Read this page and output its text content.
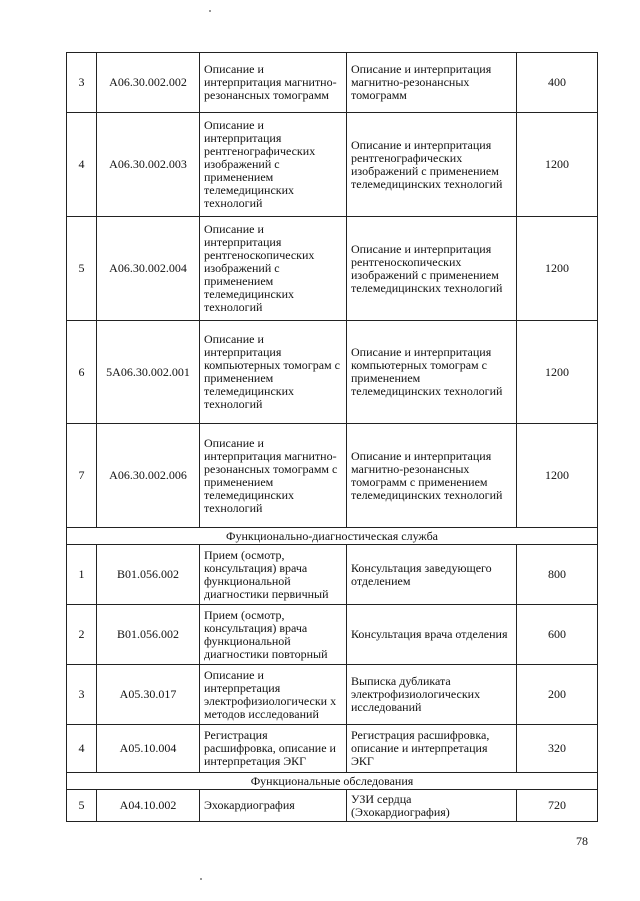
3	A06.30.002.002	Описание и интерпритация магнитно-резонансных томограмм	Описание и интерпритация магнитно-резонансных томограмм	400
4	A06.30.002.003	Описание и интерпритация рентгенографических изображений с применением телемедицинских технологий	Описание и интерпритация рентгенографических изображений с применением телемедицинских технологий	1200
5	A06.30.002.004	Описание и интерпритация рентгеноскопических изображений с применением телемедицинских технологий	Описание и интерпритация рентгеноскопических изображений с применением телемедицинских технологий	1200
6	5A06.30.002.001	Описание и интерпритация компьютерных томограм с применением телемедицинских технологий	Описание и интерпритация компьютерных томограм с применением телемедицинских технологий	1200
7	A06.30.002.006	Описание и интерпритация магнитно-резонансных томограмм с применением телемедицинских технологий	Описание и интерпритация магнитно-резонансных томограмм с применением телемедицинских технологий	1200
Функционально-диагностическая служба				
1	B01.056.002	Прием (осмотр, консультация) врача функциональной диагностики первичный	Консультация заведующего отделением	800
2	B01.056.002	Прием (осмотр, консультация) врача функциональной диагностики повторный	Консультация врача отделения	600
3	A05.30.017	Описание и интерпретация электрофизиологически х методов исследований	Выписка дубликата электрофизиологических исследований	200
4	A05.10.004	Регистрация расшифровка, описание и интерпретация ЭКГ	Регистрация расшифровка, описание и интерпретация ЭКГ	320
Функциональные обследования				
5	A04.10.002	Эхокардиография	УЗИ сердца (Эхокардиография)	720
78
